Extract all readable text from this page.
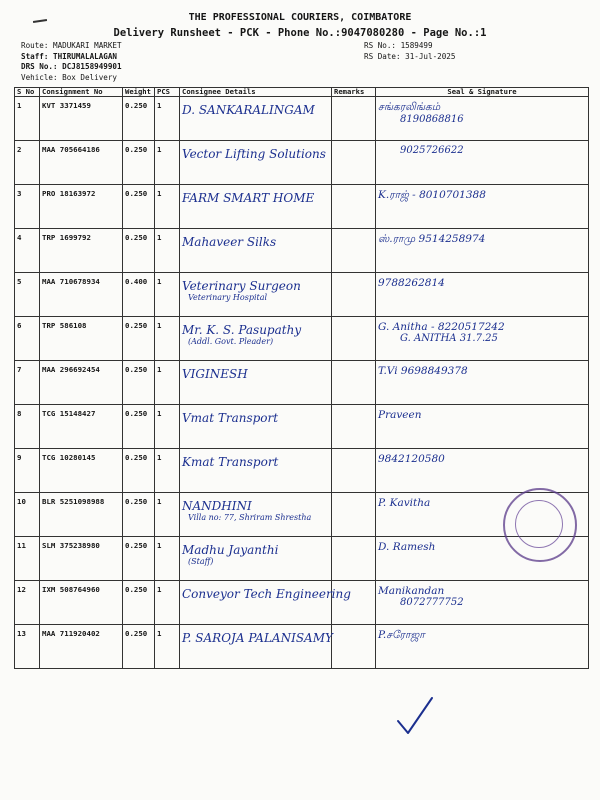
THE PROFESSIONAL COURIERS, COIMBATORE
Delivery Runsheet - PCK - Phone No.:9047080280 - Page No.:1
Route: MADUKARI MARKET
Staff: THIRUMALALAGAN
DRS No.: DCJ8158949901
Vehicle: Box Delivery
RS No.: 1589499
RS Date: 31-Jul-2025
S No	Consignment No	Weight	PCS	Consignee Details	Remarks	Seal & Signature
1	KVT 3371459	0.250	1	D. SANKARALINGAM		சங்கரலிங்கம்
8190868816

2	MAA 705664186	0.250	1	Vector Lifting Solutions		9025726622

3	PRO 18163972	0.250	1	FARM SMART HOME		K.ராஜ் - 8010701388

4	TRP 1699792	0.250	1	Mahaveer Silks		ஸ்.ராமு 9514258974

5	MAA 710678934	0.400	1	Veterinary Surgeon
Veterinary Hospital		9788262814

6	TRP 586108	0.250	1	Mr. K. S. Pasupathy
(Addl. Govt. Pleader)		G. Anitha - 8220517242
G. ANITHA 31.7.25

7	MAA 296692454	0.250	1	VIGINESH		T.Vi 9698849378

8	TCG 15148427	0.250	1	Vmat Transport		Praveen

9	TCG 10280145	0.250	1	Kmat Transport		9842120580

10	BLR 5251098988	0.250	1	NANDHINI
Villa no: 77, Shriram Shrestha		P. Kavitha

11	SLM 375238980	0.250	1	Madhu Jayanthi
(Staff)		D. Ramesh

12	IXM 508764960	0.250	1	Conveyor Tech Engineering		Manikandan
8072777752

13	MAA 711920402	0.250	1	P. SAROJA PALANISAMY		P.சரோஜா
